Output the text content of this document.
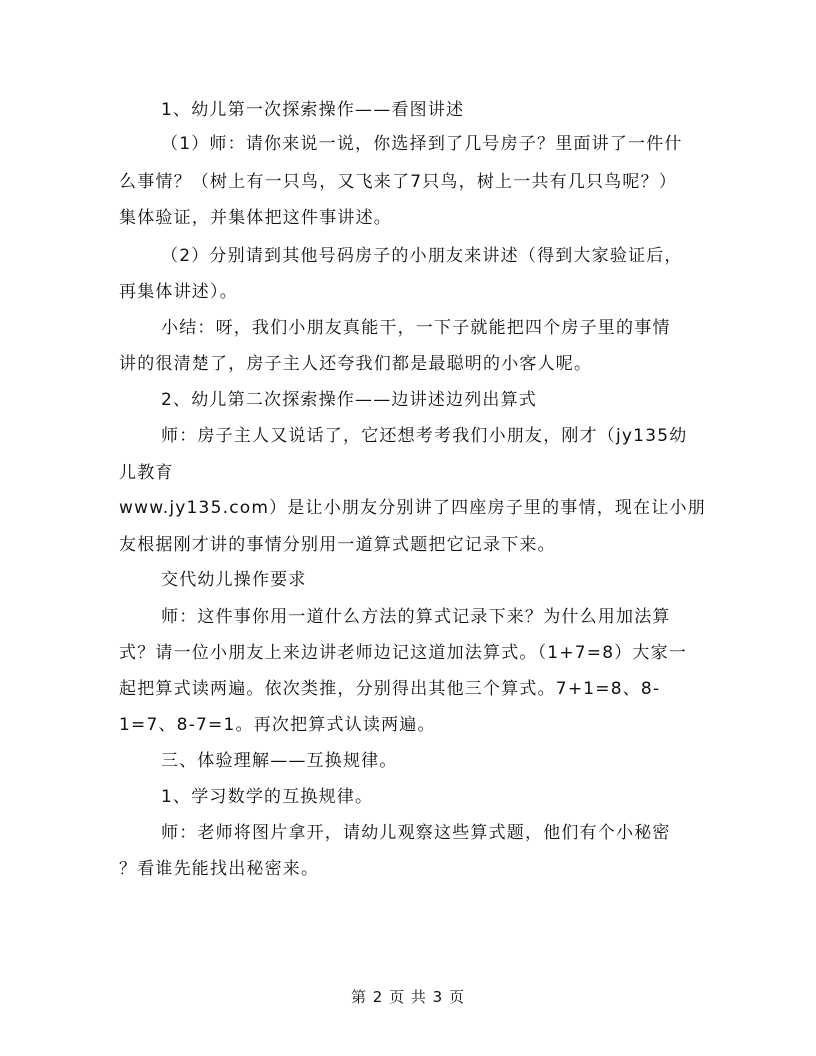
1、幼儿第一次探索操作——看图讲述
（1）师：请你来说一说，你选择到了几号房子？里面讲了一件什
么事情？（树上有一只鸟，又飞来了7只鸟，树上一共有几只鸟呢？）
集体验证，并集体把这件事讲述。
（2）分别请到其他号码房子的小朋友来讲述（得到大家验证后，
再集体讲述）。
小结：呀，我们小朋友真能干，一下子就能把四个房子里的事情
讲的很清楚了，房子主人还夸我们都是最聪明的小客人呢。
2、幼儿第二次探索操作——边讲述边列出算式
师：房子主人又说话了，它还想考考我们小朋友，刚才（jy135幼
儿教育
www.jy135.com）是让小朋友分别讲了四座房子里的事情，现在让小朋
友根据刚才讲的事情分别用一道算式题把它记录下来。
交代幼儿操作要求
师：这件事你用一道什么方法的算式记录下来？为什么用加法算
式？请一位小朋友上来边讲老师边记这道加法算式。（1+7=8）大家一
起把算式读两遍。依次类推，分别得出其他三个算式。7+1=8、8-
1=7、8-7=1。再次把算式认读两遍。
三、体验理解——互换规律。
1、学习数学的互换规律。
师：老师将图片拿开，请幼儿观察这些算式题，他们有个小秘密
？看谁先能找出秘密来。
第 2 页 共 3 页
